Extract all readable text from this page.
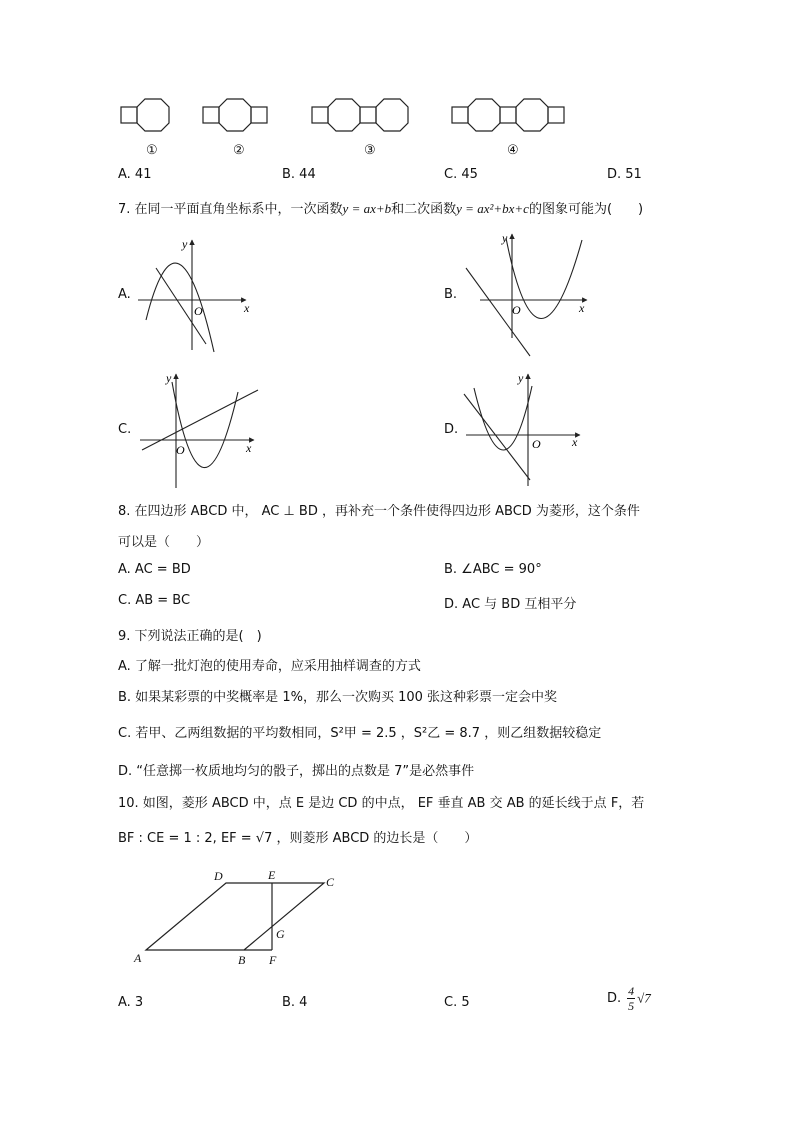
①	②	③	④
A. 41	B. 44	C. 45	D. 51
7. 在同一平面直角坐标系中，一次函数y = ax+b和二次函数y = ax²+bx+c的图象可能为(　　)
A.
y
x
O
B.
y
x
O
C.
y
x
O
D.
y
x
O
8. 在四边形 ABCD 中， AC ⊥ BD ，再补充一个条件使得四边形 ABCD 为菱形，这个条件
可以是（　　）
A. AC = BD	B. ∠ABC = 90°
C. AB = BC	D. AC 与 BD 互相平分
9. 下列说法正确的是(　)
A. 了解一批灯泡的使用寿命，应采用抽样调查的方式
B. 如果某彩票的中奖概率是 1%，那么一次购买 100 张这种彩票一定会中奖
C. 若甲、乙两组数据的平均数相同，S²甲 = 2.5 ，S²乙 = 8.7 ，则乙组数据较稳定
D. “任意掷一枚质地均匀的骰子，掷出的点数是 7”是必然事件
10. 如图，菱形 ABCD 中，点 E 是边 CD 的中点， EF 垂直 AB 交 AB 的延长线于点 F，若
BF : CE = 1 : 2, EF = √7 ，则菱形 ABCD 的边长是（　　）
A	B
C
D	E
F
G
A. 3	B. 4	C. 5	D. $\frac{4}{5} √7$
